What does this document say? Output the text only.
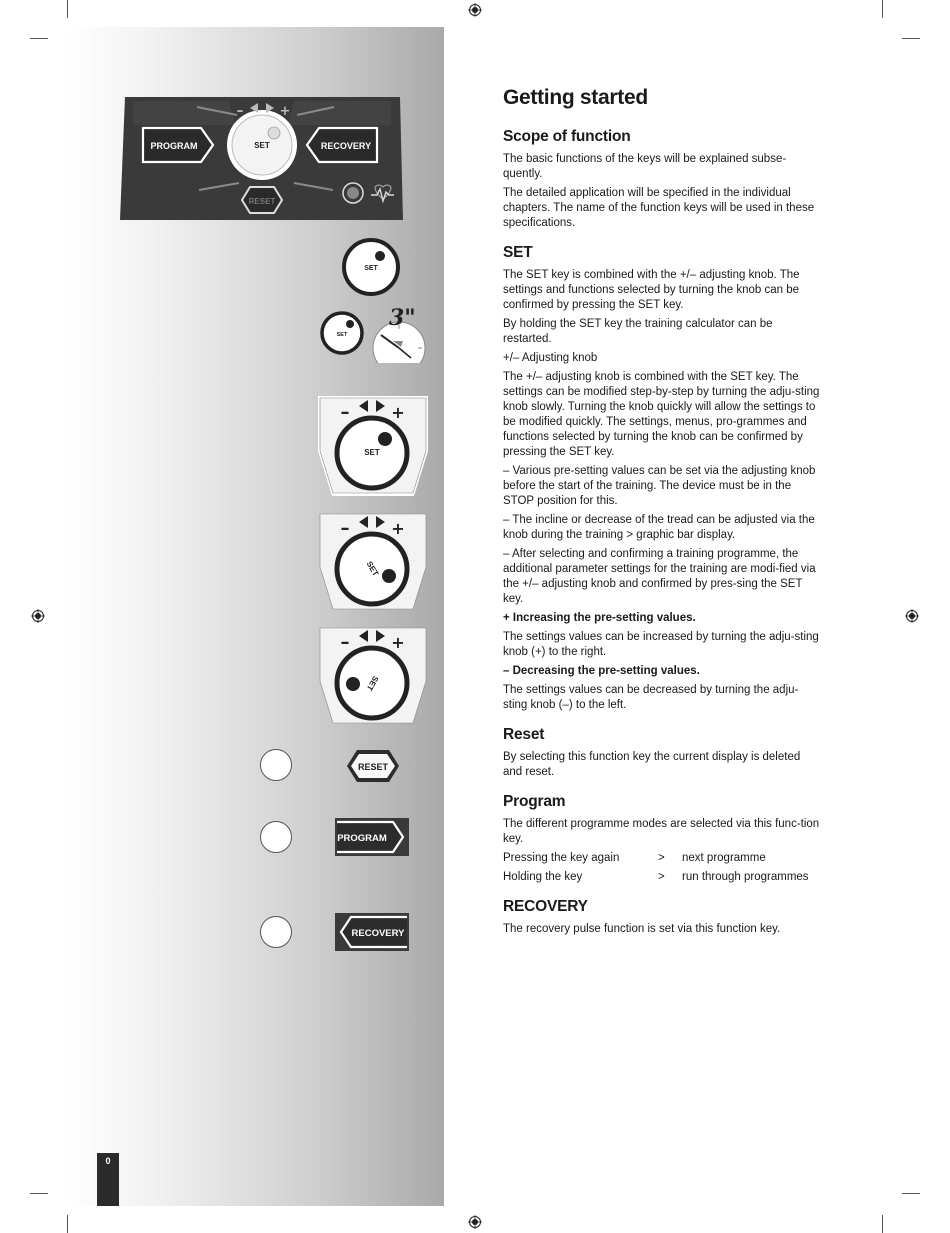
PROGRAM	RECOVERY
SET
–	+
RESET
SET
SET
3"
–	+
SET
–	+
SET
–	+
SET
RESET
PROGRAM
RECOVERY
0
Getting started
Scope of function

The basic functions of the keys will be explained subse-quently.

The detailed application will be specified in the individual chapters. The name of the function keys will be used in these specifications.

SET

The SET key is combined with the +/– adjusting knob. The settings and functions selected by turning the knob can be confirmed by pressing the SET key.

By holding the SET key the training calculator can be restarted.

+/– Adjusting knob

The +/– adjusting knob is combined with the SET key. The settings can be modified step-by-step by turning the adju-sting knob slowly. Turning the knob quickly will allow the settings to be modified quickly. The settings, menus, pro-grammes and functions selected by turning the knob can be confirmed by pressing the SET key.

– Various pre-setting values can be set via the adjusting knob before the start of the training. The device must be in the STOP position for this.

– The incline or decrease of the tread can be adjusted via the knob during the training > graphic bar display.

– After selecting and confirming a training programme, the additional parameter settings for the training are modi-fied via the +/– adjusting knob and confirmed by pres-sing the SET key.

+ Increasing the pre-setting values.

The settings values can be increased by turning the adju-sting knob (+) to the right.

– Decreasing the pre-setting values.

The settings values can be decreased by turning the adju-sting knob (–) to the left.

Reset

By selecting this function key the current display is deleted and reset.

Program

The different programme modes are selected via this func-tion key.

Pressing the key again	>	next programme
Holding the key	>	run through programmes
RECOVERY

The recovery pulse function is set via this function key.
